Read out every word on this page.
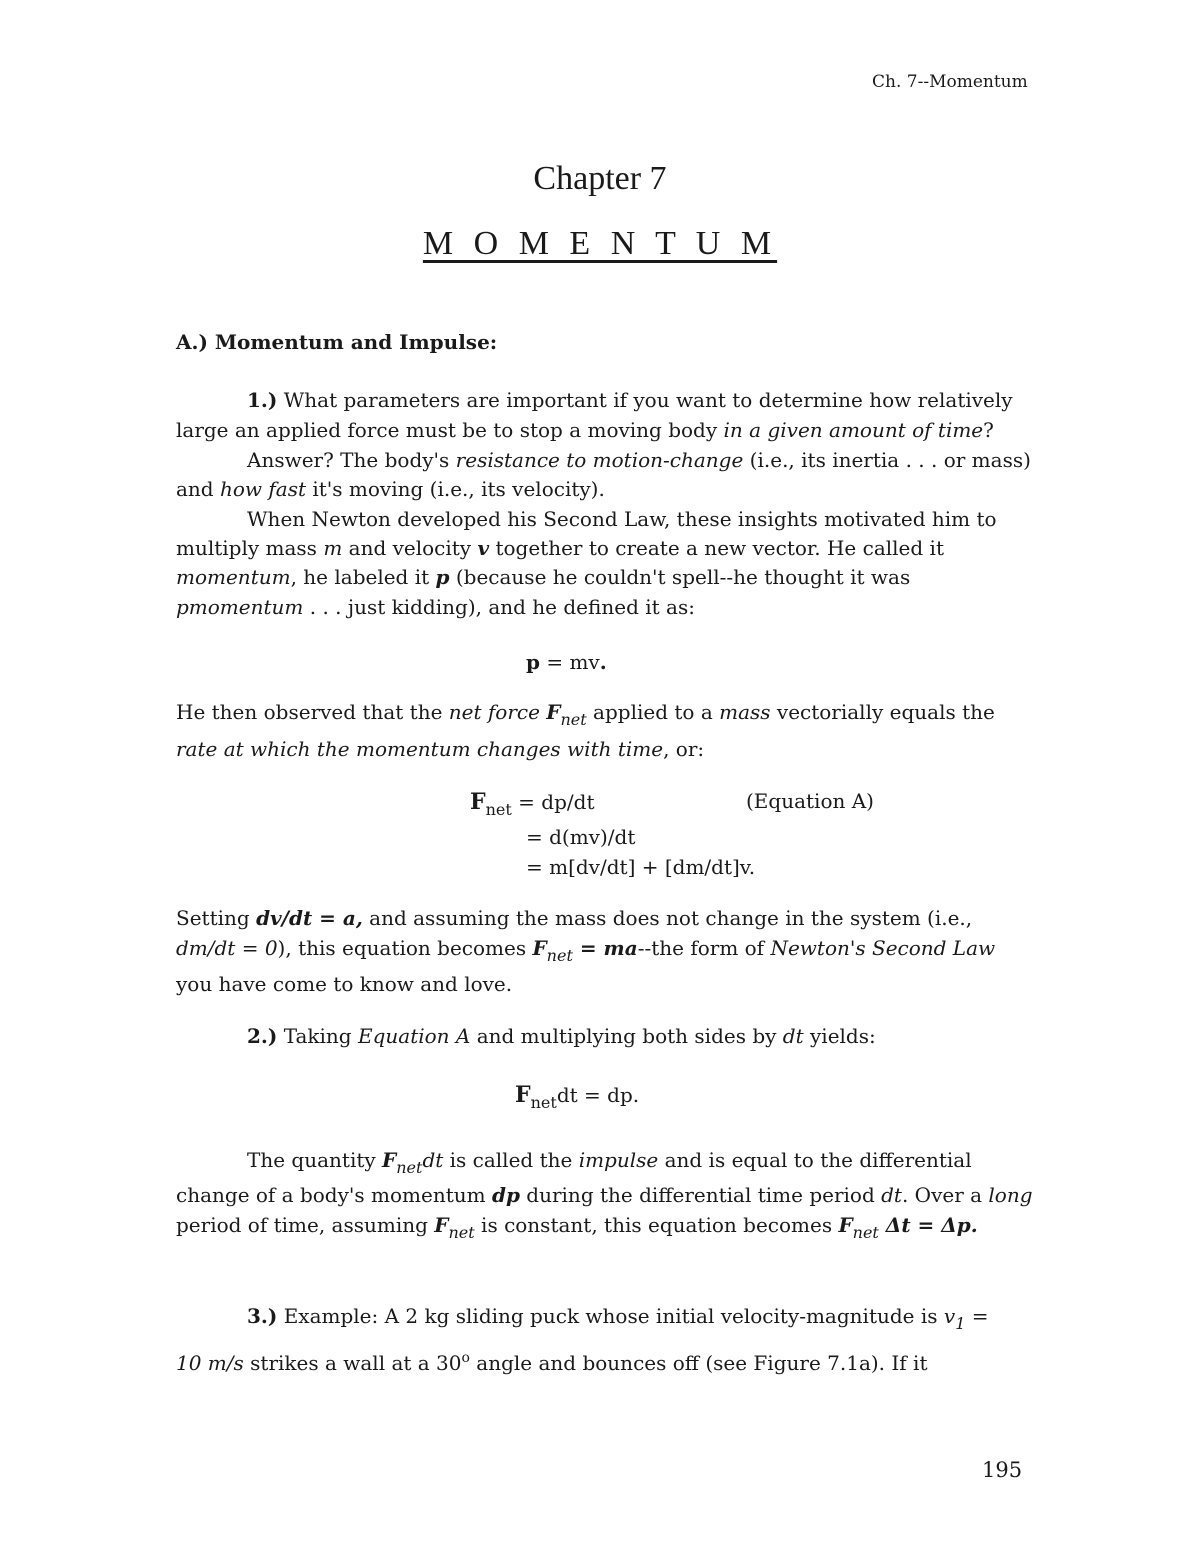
Ch. 7--Momentum
Chapter 7
M O M E N T U M
A.) Momentum and Impulse:
1.) What parameters are important if you want to determine how relatively
large an applied force must be to stop a moving body in a given amount of time?
Answer? The body's resistance to motion-change (i.e., its inertia . . . or mass)
and how fast it's moving (i.e., its velocity).
When Newton developed his Second Law, these insights motivated him to
multiply mass m and velocity v together to create a new vector. He called it
momentum, he labeled it p (because he couldn't spell--he thought it was
pmomentum . . . just kidding), and he defined it as:
p = mv.
He then observed that the net force $F_{net}$ applied to a mass vectorially equals the
rate at which the momentum changes with time, or:
$F_{net} = dp/dt$	(Equation A)
= d(mv)/dt
= m[dv/dt] + [dm/dt]v.
Setting dv/dt = a, and assuming the mass does not change in the system (i.e.,
dm/dt = 0), this equation becomes $F_{net} = ma--the$ form of Newton's Second Law
you have come to know and love.
2.) Taking Equation A and multiplying both sides by dt yields:
$F_{net}dt$ = dp.
The quantity $F_{net}dt$ is called the impulse and is equal to the differential
change of a body's momentum dp during the differential time period dt. Over a long
period of time, assuming $F_{net}$ is constant, this equation becomes $F_{net}$ Δt = Δp.
3.) Example: A 2 kg sliding puck whose initial velocity-magnitude is $v_1$ =
10 m/s strikes a wall at a 30$^o$ angle and bounces off (see Figure 7.1a). If it
195
